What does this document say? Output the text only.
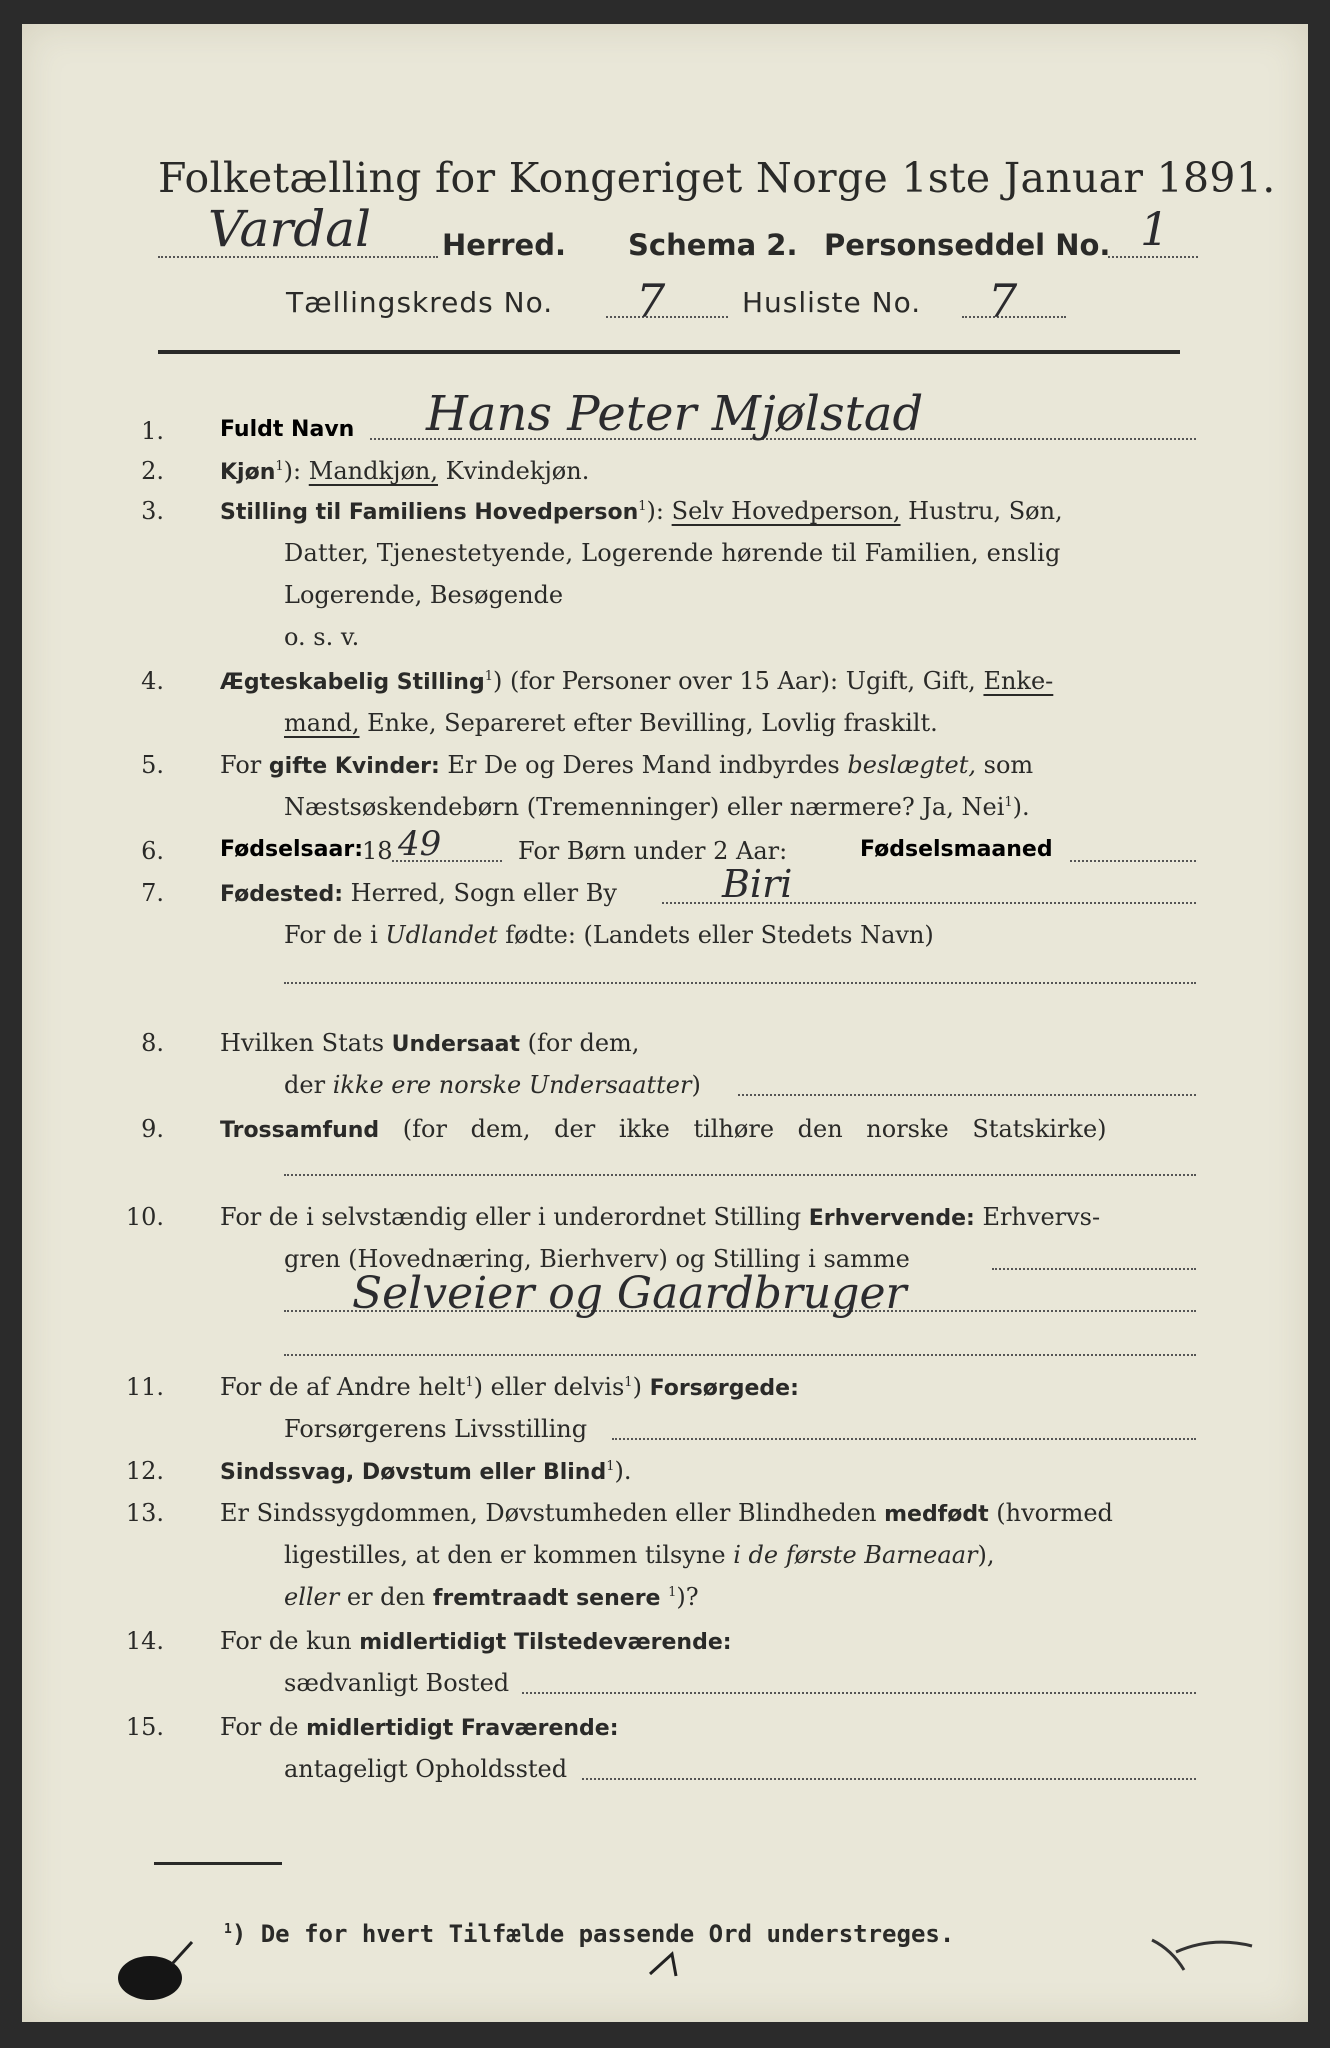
Folketælling for Kongeriget Norge 1ste Januar 1891.
Vardal Herred. Schema 2. Personseddel No. 1
Tællingskreds No. 7	Husliste No. 7
1.	Fuldt Navn Hans Peter Mjølstad
2.	Kjøn$^1$): Mandkjøn, Kvindekjøn.
3.	Stilling til Familiens Hovedperson$^1$): Selv Hovedperson, Hustru, Søn,
Datter, Tjenestetyende, Logerende hørende til Familien, enslig
Logerende, Besøgende
o. s. v.
4.	Ægteskabelig Stilling$^1$) (for Personer over 15 Aar): Ugift, Gift, Enke-
mand, Enke, Separeret efter Bevilling, Lovlig fraskilt.
5. For gifte Kvinder: Er De og Deres Mand indbyrdes beslægtet, som
Næstsøskendebørn (Tremenninger) eller nærmere? Ja, Nei$^1$).
6.	Fødselsaar: 18 49	For Børn under 2 Aar:	Fødselsmaaned
7.	Fødested: Herred, Sogn eller By	Biri
For de i Udlandet fødte: (Landets eller Stedets Navn)
8. Hvilken Stats Undersaat (for dem,
der ikke ere norske Undersaatter)
9.	Trossamfund (for dem, der ikke tilhøre den norske Statskirke)
10. For de i selvstændig eller i underordnet Stilling Erhvervende: Erhvervs-
gren (Hovednæring, Bierhverv) og Stilling i samme
Selveier og Gaardbruger
11. For de af Andre helt$^1$) eller delvis$^1$) Forsørgede:
Forsørgerens Livsstilling
12.	Sindssvag, Døvstum eller Blind$^1$).
13. Er Sindssygdommen, Døvstumheden eller Blindheden medfødt (hvormed
ligestilles, at den er kommen tilsyne i de første Barneaar),
eller er den fremtraadt senere $^1$)?
14. For de kun midlertidigt Tilstedeværende:
sædvanligt Bosted
15. For de midlertidigt Fraværende:
antageligt Opholdssted
$^1$) De for hvert Tilfælde passende Ord understreges.
